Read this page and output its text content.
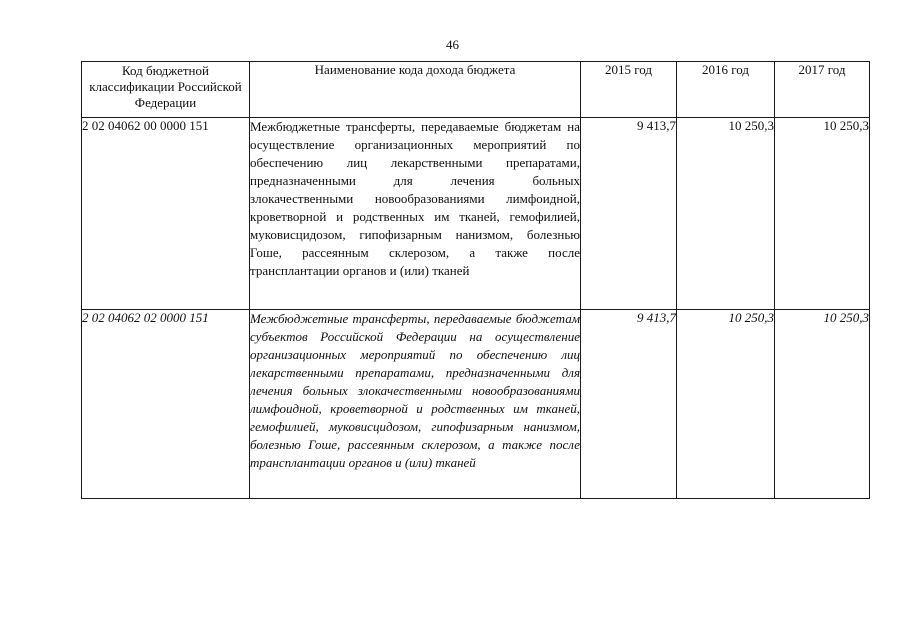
46
Код бюджетной классификации Российской Федерации	Наименование кода дохода бюджета	2015 год	2016 год	2017 год
2 02 04062 00 0000 151	Межбюджетные трансферты, передаваемые бюджетам на осуществление организационных мероприятий по обеспечению лиц лекарственными препаратами, предназначенными для лечения больных злокачественными новообразованиями лимфоидной, кроветворной и родственных им тканей, гемофилией, муковисцидозом, гипофизарным нанизмом, болезнью Гоше, рассеянным склерозом, а также после трансплантации органов и (или) тканей	9 413,7	10 250,3	10 250,3
2 02 04062 02 0000 151	Межбюджетные трансферты, передаваемые бюджетам субъектов Российской Федерации на осуществление организационных мероприятий по обеспечению лиц лекарственными препаратами, предназначенными для лечения больных злокачественными новообразованиями лимфоидной, кроветворной и родственных им тканей, гемофилией, муковисцидозом, гипофизарным нанизмом, болезнью Гоше, рассеянным склерозом, а также после трансплантации органов и (или) тканей	9 413,7	10 250,3	10 250,3
